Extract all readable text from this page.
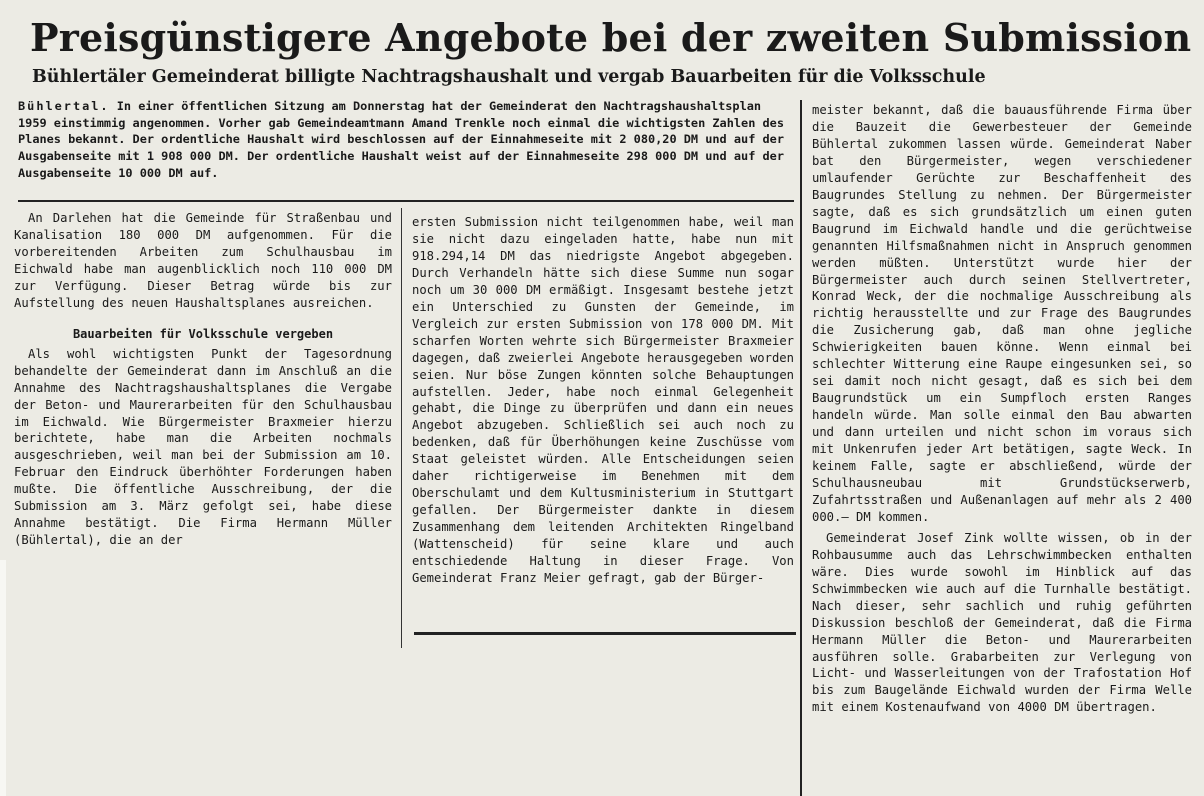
Preisgünstigere Angebote bei der zweiten Submission
Bühlertäler Gemeinderat billigte Nachtragshaushalt und vergab Bauarbeiten für die Volksschule
Bühlertal. In einer öffentlichen Sitzung am Donnerstag hat der Gemeinderat den Nachtragshaushaltsplan 1959 einstimmig angenommen. Vorher gab Gemeindeamtmann Amand Trenkle noch einmal die wichtigsten Zahlen des Planes bekannt. Der ordentliche Haushalt wird beschlossen auf der Einnahmeseite mit 2 080,20 DM und auf der Ausgabenseite mit 1 908 000 DM. Der ordentliche Haushalt weist auf der Einnahmeseite 298 000 DM und auf der Ausgabenseite 10 000 DM auf.

An Darlehen hat die Gemeinde für Straßenbau und Kanalisation 180 000 DM aufgenommen. Für die vorbereitenden Arbeiten zum Schulhausbau im Eichwald habe man augenblicklich noch 110 000 DM zur Verfügung. Dieser Betrag würde bis zur Aufstellung des neuen Haushaltsplanes ausreichen.

Bauarbeiten für Volksschule vergeben

Als wohl wichtigsten Punkt der Tagesordnung behandelte der Gemeinderat dann im Anschluß an die Annahme des Nachtragshaushaltsplanes die Vergabe der Beton- und Maurerarbeiten für den Schulhausbau im Eichwald. Wie Bürgermeister Braxmeier hierzu berichtete, habe man die Arbeiten nochmals ausgeschrieben, weil man bei der Submission am 10. Februar den Eindruck überhöhter Forderungen haben mußte. Die öffentliche Ausschreibung, der die Submission am 3. März gefolgt sei, habe diese Annahme bestätigt. Die Firma Hermann Müller (Bühlertal), die an der

ersten Submission nicht teilgenommen habe, weil man sie nicht dazu eingeladen hatte, habe nun mit 918.294,14 DM das niedrigste Angebot abgegeben. Durch Verhandeln hätte sich diese Summe nun sogar noch um 30 000 DM ermäßigt. Insgesamt bestehe jetzt ein Unterschied zu Gunsten der Gemeinde, im Vergleich zur ersten Submission von 178 000 DM. Mit scharfen Worten wehrte sich Bürgermeister Braxmeier dagegen, daß zweierlei Angebote herausgegeben worden seien. Nur böse Zungen könnten solche Behauptungen aufstellen. Jeder, habe noch einmal Gelegenheit gehabt, die Dinge zu überprüfen und dann ein neues Angebot abzugeben. Schließlich sei auch noch zu bedenken, daß für Überhöhungen keine Zuschüsse vom Staat geleistet würden. Alle Entscheidungen seien daher richtigerweise im Benehmen mit dem Oberschulamt und dem Kultusministerium in Stuttgart gefallen. Der Bürgermeister dankte in diesem Zusammenhang dem leitenden Architekten Ringelband (Wattenscheid) für seine klare und auch entschiedende Haltung in dieser Frage. Von Gemeinderat Franz Meier gefragt, gab der Bürger-

meister bekannt, daß die bauausführende Firma über die Bauzeit die Gewerbesteuer der Gemeinde Bühlertal zukommen lassen würde. Gemeinderat Naber bat den Bürgermeister, wegen verschiedener umlaufender Gerüchte zur Beschaffenheit des Baugrundes Stellung zu nehmen. Der Bürgermeister sagte, daß es sich grundsätzlich um einen guten Baugrund im Eichwald handle und die gerüchtweise genannten Hilfsmaßnahmen nicht in Anspruch genommen werden müßten. Unterstützt wurde hier der Bürgermeister auch durch seinen Stellvertreter, Konrad Weck, der die nochmalige Ausschreibung als richtig herausstellte und zur Frage des Baugrundes die Zusicherung gab, daß man ohne jegliche Schwierigkeiten bauen könne. Wenn einmal bei schlechter Witterung eine Raupe eingesunken sei, so sei damit noch nicht gesagt, daß es sich bei dem Baugrundstück um ein Sumpfloch ersten Ranges handeln würde. Man solle einmal den Bau abwarten und dann urteilen und nicht schon im voraus sich mit Unkenrufen jeder Art betätigen, sagte Weck. In keinem Falle, sagte er abschließend, würde der Schulhausneubau mit Grundstückserwerb, Zufahrtsstraßen und Außenanlagen auf mehr als 2 400 000.— DM kommen.

Gemeinderat Josef Zink wollte wissen, ob in der Rohbausumme auch das Lehrschwimmbecken enthalten wäre. Dies wurde sowohl im Hinblick auf das Schwimmbecken wie auch auf die Turnhalle bestätigt. Nach dieser, sehr sachlich und ruhig geführten Diskussion beschloß der Gemeinderat, daß die Firma Hermann Müller die Beton- und Maurerarbeiten ausführen solle. Grabarbeiten zur Verlegung von Licht- und Wasserleitungen von der Trafostation Hof bis zum Baugelände Eichwald wurden der Firma Welle mit einem Kostenaufwand von 4000 DM übertragen.
